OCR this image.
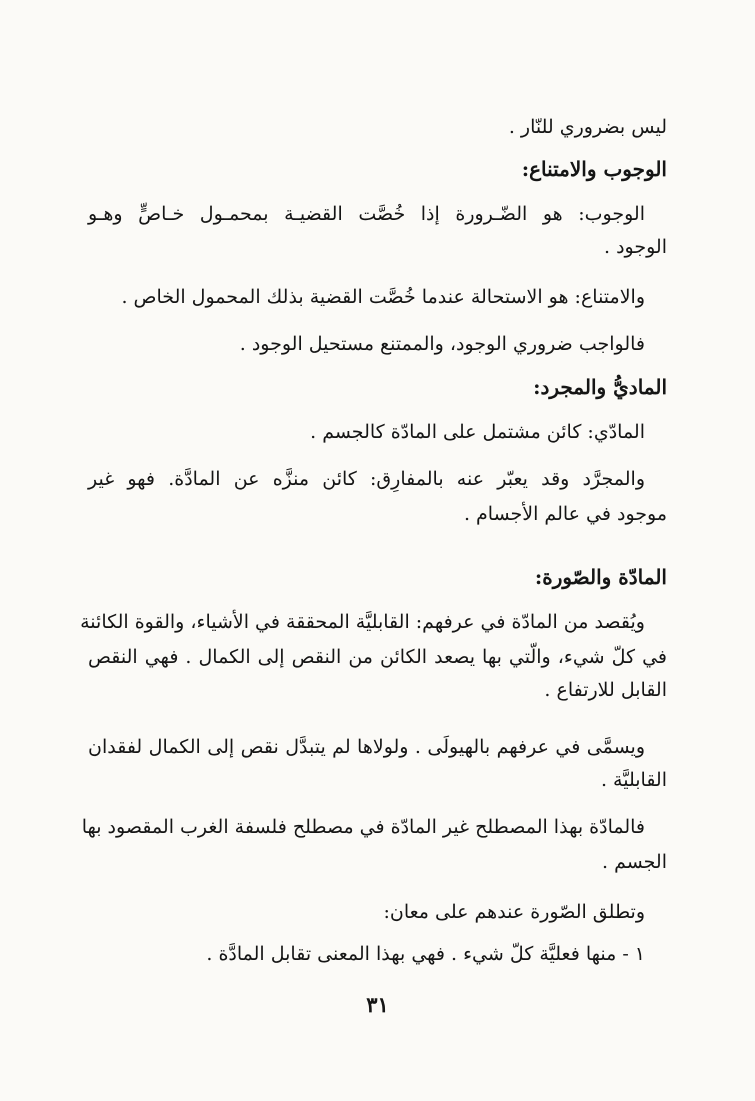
ليس بضروري للنّار .
الوجوب والامتناع:
الوجوب: هو الضّـرورة إذا خُصَّت القضيـة بمحمـول خـاصٍّ وهـو
الوجود .
والامتناع: هو الاستحالة عندما خُصَّت القضية بذلك المحمول الخاص .
فالواجب ضروري الوجود، والممتنع مستحيل الوجود .
الماديُّ والمجرد:
المادّي: كائن مشتمل على المادّة كالجسم .
والمجرَّد وقد يعبّر عنه بالمفارِق: كائن منزَّه عن المادَّة. فهو غير
موجود في عالم الأجسام .
المادّة والصّورة:
ويُقصد من المادّة في عرفهم: القابليَّة المحققة في الأشياء، والقوة الكائنة
في كلّ شيء، والّتي بها يصعد الكائن من النقص إلى الكمال . فهي النقص
القابل للارتفاع .
ويسمَّى في عرفهم بالهيولَى . ولولاها لم يتبدَّل نقص إلى الكمال لفقدان
القابليَّة .
فالمادّة بهذا المصطلح غير المادّة في مصطلح فلسفة الغرب المقصود بها
الجسم .
وتطلق الصّورة عندهم على معان:
١ - منها فعليَّة كلّ شيء . فهي بهذا المعنى تقابل المادَّة .
٣١
